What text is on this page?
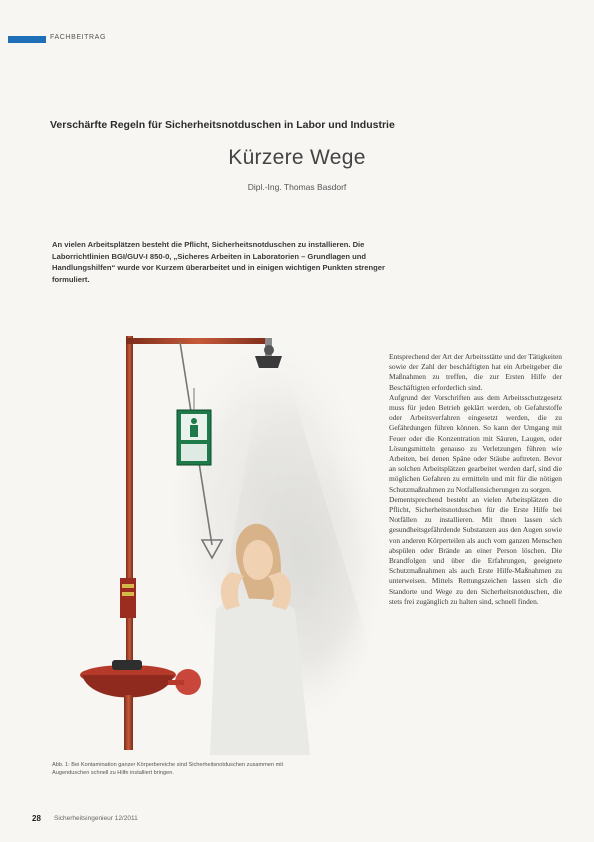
FACHBEITRAG
Verschärfte Regeln für Sicherheitsnotduschen in Labor und Industrie
Kürzere Wege
Dipl.-Ing. Thomas Basdorf
An vielen Arbeitsplätzen besteht die Pflicht, Sicherheitsnotduschen zu installieren. Die Laborrichtlinien BGI/GUV-I 850-0, „Sicheres Arbeiten in Laboratorien – Grundlagen und Handlungshilfen“ wurde vor Kurzem überarbeitet und in einigen wichtigen Punkten strenger formuliert.

Entsprechend der Art der Arbeitsstätte und der Tätigkeiten sowie der Zahl der beschäftigten hat ein Arbeitgeber die Maßnahmen zu treffen, die zur Ersten Hilfe der Beschäftigten erforderlich sind.

Aufgrund der Vorschriften aus dem Arbeitsschutzgesetz muss für jeden Betrieb geklärt werden, ob Gefahrstoffe oder Arbeitsverfahren eingesetzt werden, die zu Gefährdungen führen können. So kann der Umgang mit Feuer oder die Konzentration mit Säuren, Laugen, oder Lösungsmitteln genauso zu Verletzungen führen wie Arbeiten, bei denen Späne oder Stäube auftreten. Bevor an solchen Arbeitsplätzen gearbeitet werden darf, sind die möglichen Gefahren zu ermitteln und mit für die nötigen Schutzmaßnahmen zu Notfallensicherungen zu sorgen.

Dementsprechend besteht an vielen Arbeitsplätzen die Pflicht, Sicherheitsnotduschen für die Erste Hilfe bei Notfällen zu installieren. Mit ihnen lassen sich gesundheitsgefährdende Substanzen aus den Augen sowie von anderen Körperteilen als auch vom ganzen Menschen abspülen oder Brände an einer Person löschen. Die Brandfolgen und über die Erfahrungen, geeignete Schutzmaßnahmen als auch Erste Hilfe-Maßnahmen zu unterweisen. Mittels Rettungszeichen lassen sich die Standorte und Wege zu den Sicherheitsnotduschen, die stets frei zugänglich zu halten sind, schnell finden.

Abb. 1: Bei Kontamination ganzer Körperbereiche sind Sicherheitsnotduschen zusammen mit Augenduschen schnell zu Hilfe installiert bringen.
28 Sicherheitsingenieur 12/2011
